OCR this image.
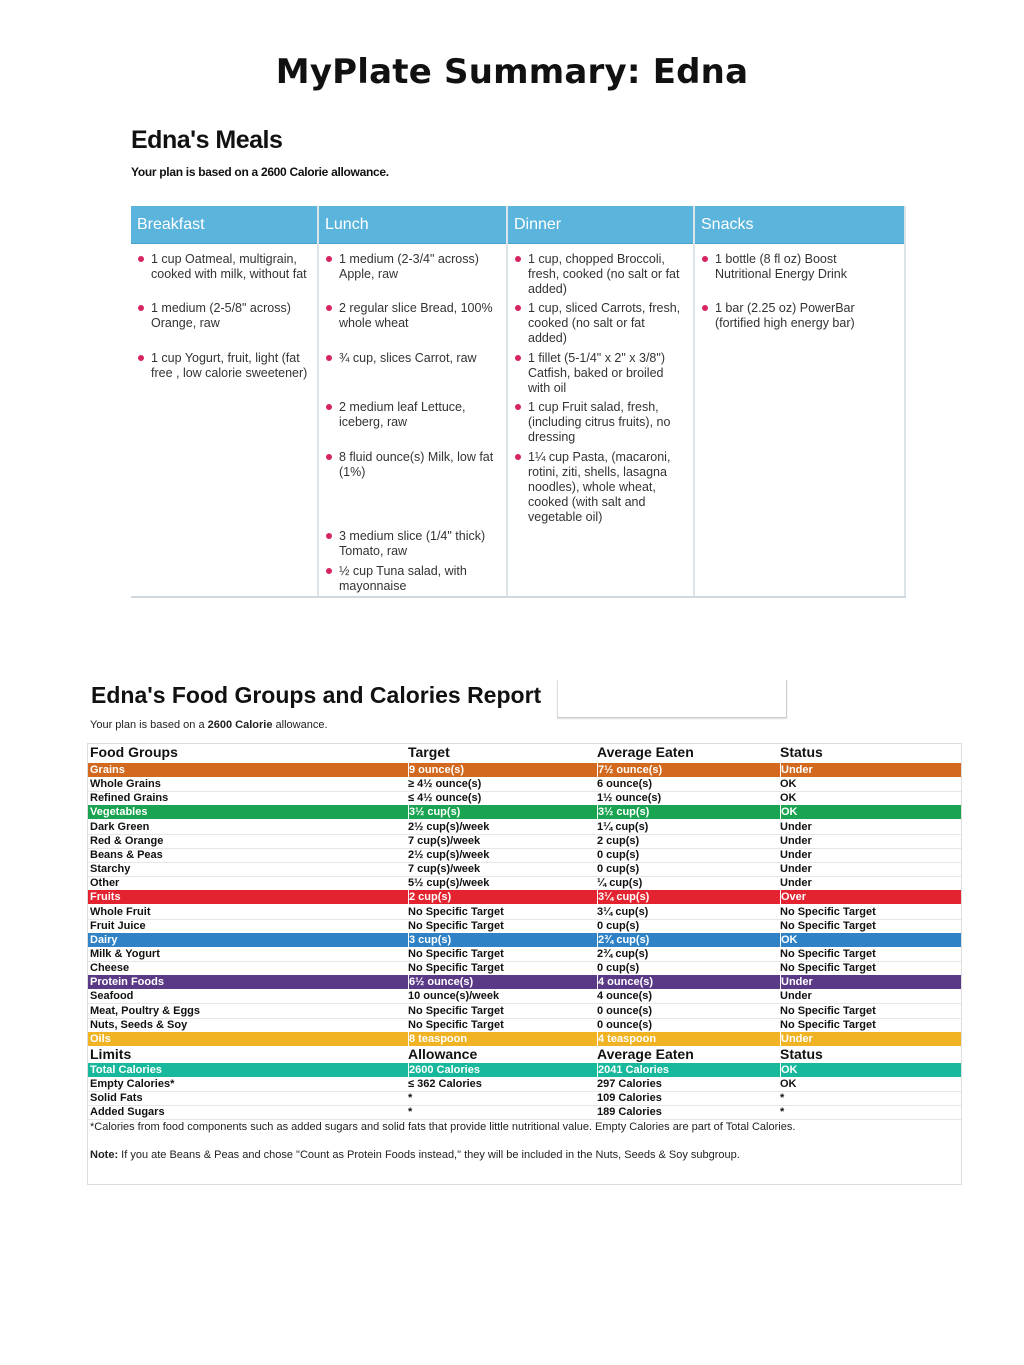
MyPlate Summary: Edna
Edna's Meals
Your plan is based on a 2600 Calorie allowance.
Breakfast
1 cup Oatmeal, multigrain,
cooked with milk, without fat
1 medium (2-5/8" across)
Orange, raw
1 cup Yogurt, fruit, light (fat
free , low calorie sweetener)
Lunch
1 medium (2-3/4" across)
Apple, raw
2 regular slice Bread, 100%
whole wheat
¾ cup, slices Carrot, raw
2 medium leaf Lettuce,
iceberg, raw
8 fluid ounce(s) Milk, low fat
(1%)
3 medium slice (1/4" thick)
Tomato, raw
½ cup Tuna salad, with
mayonnaise
Dinner
1 cup, chopped Broccoli,
fresh, cooked (no salt or fat
added)
1 cup, sliced Carrots, fresh,
cooked (no salt or fat
added)
1 fillet (5-1/4" x 2" x 3/8")
Catfish, baked or broiled
with oil
1 cup Fruit salad, fresh,
(including citrus fruits), no
dressing
1¼ cup Pasta, (macaroni,
rotini, ziti, shells, lasagna
noodles), whole wheat,
cooked (with salt and
vegetable oil)
Snacks
1 bottle (8 fl oz) Boost
Nutritional Energy Drink
1 bar (2.25 oz) PowerBar
(fortified high energy bar)
Edna's Food Groups and Calories Report
Your plan is based on a 2600 Calorie allowance.
Food Groups	Target	Average Eaten	Status
Grains	9 ounce(s)	7½ ounce(s)	Under
Whole Grains	≥ 4½ ounce(s)	6 ounce(s)	OK
Refined Grains	≤ 4½ ounce(s)	1½ ounce(s)	OK
Vegetables	3½ cup(s)	3½ cup(s)	OK
Dark Green	2½ cup(s)/week	1¼ cup(s)	Under
Red & Orange	7 cup(s)/week	2 cup(s)	Under
Beans & Peas	2½ cup(s)/week	0 cup(s)	Under
Starchy	7 cup(s)/week	0 cup(s)	Under
Other	5½ cup(s)/week	¼ cup(s)	Under
Fruits	2 cup(s)	3¼ cup(s)	Over
Whole Fruit	No Specific Target	3¼ cup(s)	No Specific Target
Fruit Juice	No Specific Target	0 cup(s)	No Specific Target
Dairy	3 cup(s)	2¾ cup(s)	OK
Milk & Yogurt	No Specific Target	2¾ cup(s)	No Specific Target
Cheese	No Specific Target	0 cup(s)	No Specific Target
Protein Foods	6½ ounce(s)	4 ounce(s)	Under
Seafood	10 ounce(s)/week	4 ounce(s)	Under
Meat, Poultry & Eggs	No Specific Target	0 ounce(s)	No Specific Target
Nuts, Seeds & Soy	No Specific Target	0 ounce(s)	No Specific Target
Oils	8 teaspoon	4 teaspoon	Under
Limits	Allowance	Average Eaten	Status
Total Calories	2600 Calories	2041 Calories	OK
Empty Calories*	≤ 362 Calories	297 Calories	OK
Solid Fats	*	109 Calories	*
Added Sugars	*	189 Calories	*
*Calories from food components such as added sugars and solid fats that provide little nutritional value. Empty Calories are part of Total Calories.
Note: If you ate Beans & Peas and chose "Count as Protein Foods instead," they will be included in the Nuts, Seeds & Soy subgroup.
